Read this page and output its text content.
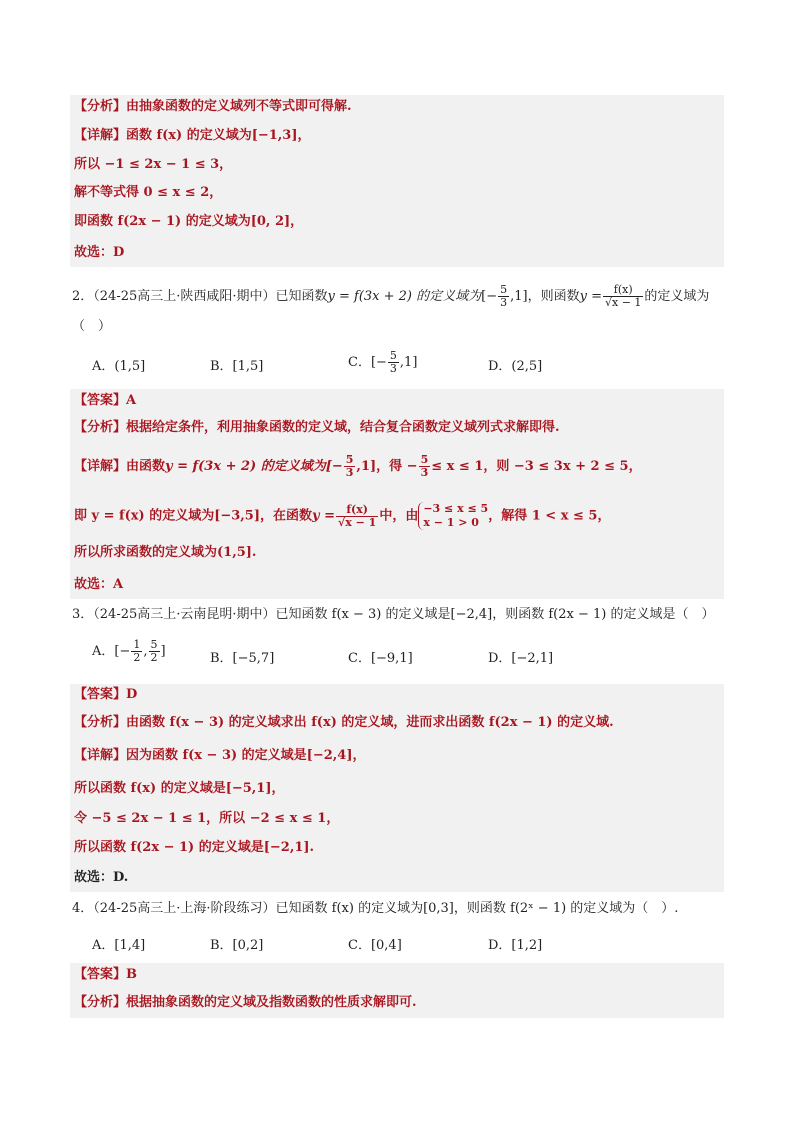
【分析】由抽象函数的定义域列不等式即可得解.
【详解】函数 f(x) 的定义域为[−1,3]，
所以 −1 ≤ 2x − 1 ≤ 3，
解不等式得 0 ≤ x ≤ 2，
即函数 f(2x − 1) 的定义域为[0, 2]，
故选：D
2．（24-25高三上·陕西咸阳·期中）已知函数y = f(3x + 2) 的定义域为[− $\frac{5}{3} ,1$]，则函数$y = \frac{f(x)}{√x - 1}$ 的定义域为
（　）
A．(1,5]	B．[1,5]	C．[− $\frac{5}{3} ,1$]	D．(2,5]
【答案】A
【分析】根据给定条件，利用抽象函数的定义域，结合复合函数定义域列式求解即得.
【详解】由函数y = f(3x + 2) 的定义域为[− $\frac{5}{3} ,1$]，得 − $\frac{5}{3} \le x \le 1$，则 −3 ≤ 3x + 2 ≤ 5，
即 y = f(x) 的定义域为[−3,5]，在函数$y = \frac{f(x)}{√x - 1}$ 中，由 −3 ≤ x ≤ 5
x − 1 > 0 ，解得 1 < x ≤ 5，
所以所求函数的定义域为(1,5].
故选：A
3．（24-25高三上·云南昆明·期中）已知函数 f(x − 3) 的定义域是[−2,4]，则函数 f(2x − 1) 的定义域是（　）
A．[− $\frac{1}{2}$ , $\frac{5}{2}$ ]	B．[−5,7]	C．[−9,1]	D．[−2,1]
【答案】D
【分析】由函数 f(x − 3) 的定义域求出 f(x) 的定义域，进而求出函数 f(2x − 1) 的定义域.
【详解】因为函数 f(x − 3) 的定义域是[−2,4]，
所以函数 f(x) 的定义域是[−5,1]，
令 −5 ≤ 2x − 1 ≤ 1，所以 −2 ≤ x ≤ 1，
所以函数 f(2x − 1) 的定义域是[−2,1].
故选：D.
4．（24-25高三上·上海·阶段练习）已知函数 f(x) 的定义域为[0,3]，则函数 f(2ˣ − 1) 的定义域为（　）.
A．[1,4]	B．[0,2]	C．[0,4]	D．[1,2]
【答案】B
【分析】根据抽象函数的定义域及指数函数的性质求解即可.
